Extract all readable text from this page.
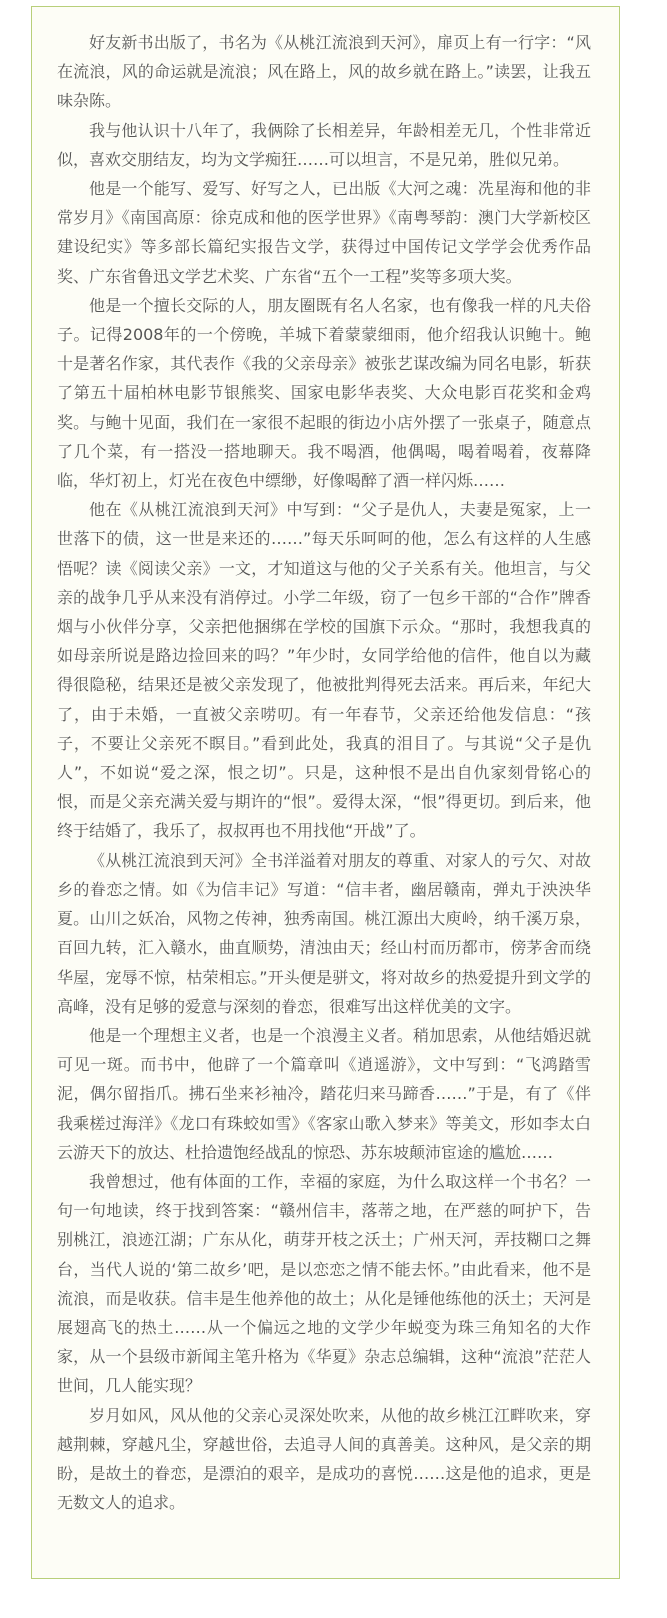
好友新书出版了，书名为《从桃江流浪到天河》，扉页上有一行字：“风在流浪，风的命运就是流浪；风在路上，风的故乡就在路上。”读罢，让我五味杂陈。

我与他认识十八年了，我俩除了长相差异，年龄相差无几，个性非常近似，喜欢交朋结友，均为文学痴狂……可以坦言，不是兄弟，胜似兄弟。

他是一个能写、爱写、好写之人，已出版《大河之魂：冼星海和他的非常岁月》《南国高原：徐克成和他的医学世界》《南粤琴韵：澳门大学新校区建设纪实》等多部长篇纪实报告文学，获得过中国传记文学学会优秀作品奖、广东省鲁迅文学艺术奖、广东省“五个一工程”奖等多项大奖。

他是一个擅长交际的人，朋友圈既有名人名家，也有像我一样的凡夫俗子。记得2008年的一个傍晚，羊城下着蒙蒙细雨，他介绍我认识鲍十。鲍十是著名作家，其代表作《我的父亲母亲》被张艺谋改编为同名电影，斩获了第五十届柏林电影节银熊奖、国家电影华表奖、大众电影百花奖和金鸡奖。与鲍十见面，我们在一家很不起眼的街边小店外摆了一张桌子，随意点了几个菜，有一搭没一搭地聊天。我不喝酒，他偶喝，喝着喝着，夜幕降临，华灯初上，灯光在夜色中缥缈，好像喝醉了酒一样闪烁……

他在《从桃江流浪到天河》中写到：“父子是仇人，夫妻是冤家，上一世落下的债，这一世是来还的……”每天乐呵呵的他，怎么有这样的人生感悟呢？读《阅读父亲》一文，才知道这与他的父子关系有关。他坦言，与父亲的战争几乎从来没有消停过。小学二年级，窃了一包乡干部的“合作”牌香烟与小伙伴分享，父亲把他捆绑在学校的国旗下示众。“那时，我想我真的如母亲所说是路边捡回来的吗？”年少时，女同学给他的信件，他自以为藏得很隐秘，结果还是被父亲发现了，他被批判得死去活来。再后来，年纪大了，由于未婚，一直被父亲唠叨。有一年春节，父亲还给他发信息：“孩子，不要让父亲死不瞑目。”看到此处，我真的泪目了。与其说“父子是仇人”，不如说“爱之深，恨之切”。只是，这种恨不是出自仇家刻骨铭心的恨，而是父亲充满关爱与期许的“恨”。爱得太深，“恨”得更切。到后来，他终于结婚了，我乐了，叔叔再也不用找他“开战”了。

《从桃江流浪到天河》全书洋溢着对朋友的尊重、对家人的亏欠、对故乡的眷恋之情。如《为信丰记》写道：“信丰者，幽居赣南，弹丸于泱泱华夏。山川之妖冶，风物之传神，独秀南国。桃江源出大庾岭，纳千溪万泉，百回九转，汇入赣水，曲直顺势，清浊由天；经山村而历都市，傍茅舍而绕华屋，宠辱不惊，枯荣相忘。”开头便是骈文，将对故乡的热爱提升到文学的高峰，没有足够的爱意与深刻的眷恋，很难写出这样优美的文字。

他是一个理想主义者，也是一个浪漫主义者。稍加思索，从他结婚迟就可见一斑。而书中，他辟了一个篇章叫《逍遥游》，文中写到：“飞鸿踏雪泥，偶尔留指爪。拂石坐来衫袖冷，踏花归来马蹄香……”于是，有了《伴我乘槎过海洋》《龙口有珠蛟如雪》《客家山歌入梦来》等美文，形如李太白云游天下的放达、杜拾遗饱经战乱的惊恐、苏东坡颠沛宦途的尴尬……

我曾想过，他有体面的工作，幸福的家庭，为什么取这样一个书名？一句一句地读，终于找到答案：“赣州信丰，落蒂之地，在严慈的呵护下，告别桃江，浪迹江湖；广东从化，萌芽开枝之沃土；广州天河，弄技糊口之舞台，当代人说的‘第二故乡’吧，是以恋恋之情不能去怀。”由此看来，他不是流浪，而是收获。信丰是生他养他的故土；从化是锤他练他的沃土；天河是展翅高飞的热土……从一个偏远之地的文学少年蜕变为珠三角知名的大作家，从一个县级市新闻主笔升格为《华夏》杂志总编辑，这种“流浪”茫茫人世间，几人能实现？

岁月如风，风从他的父亲心灵深处吹来，从他的故乡桃江江畔吹来，穿越荆棘，穿越凡尘，穿越世俗，去追寻人间的真善美。这种风，是父亲的期盼，是故土的眷恋，是漂泊的艰辛，是成功的喜悦……这是他的追求，更是无数文人的追求。
